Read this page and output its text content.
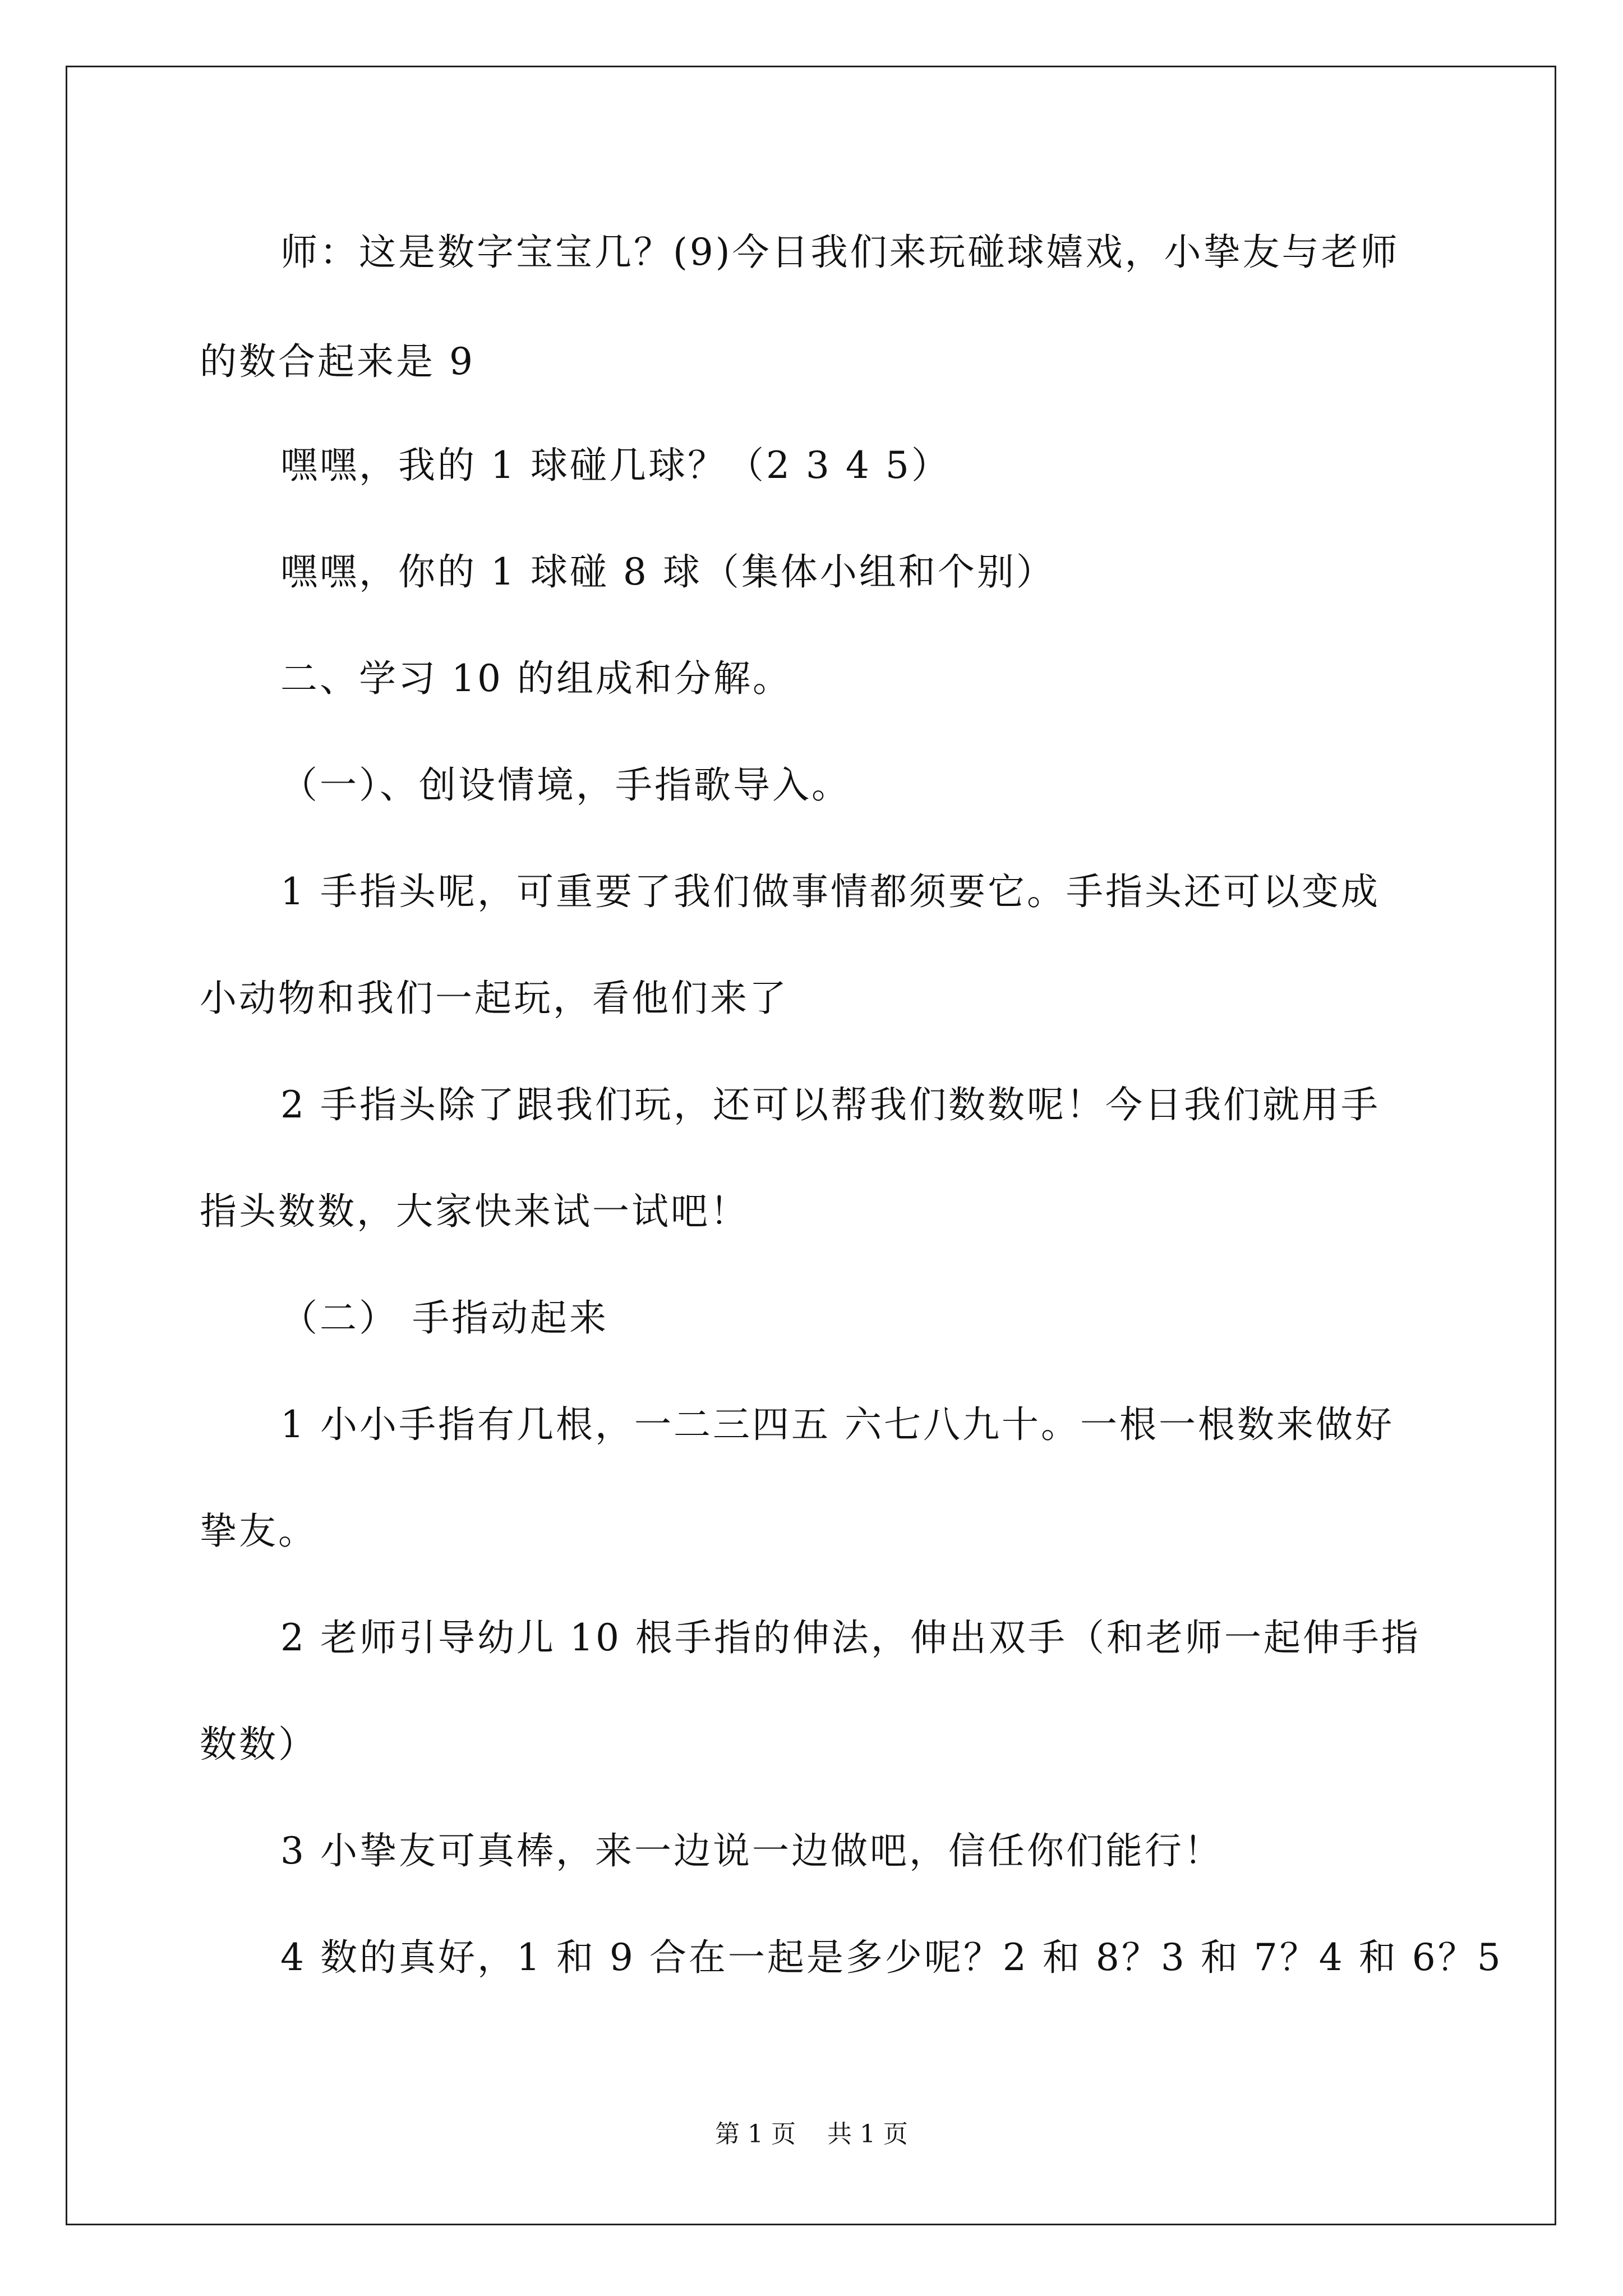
师：这是数字宝宝几？(9)今日我们来玩碰球嬉戏，小挚友与老师
的数合起来是 9
嘿嘿，我的 1 球碰几球？（2 3 4 5）
嘿嘿，你的 1 球碰 8 球（集体小组和个别）
二、学习 10 的组成和分解。
（一）、创设情境，手指歌导入。
1 手指头呢，可重要了我们做事情都须要它。手指头还可以变成
小动物和我们一起玩，看他们来了
2 手指头除了跟我们玩，还可以帮我们数数呢！今日我们就用手
指头数数，大家快来试一试吧！
（二） 手指动起来
1 小小手指有几根，一二三四五 六七八九十。一根一根数来做好
挚友。
2 老师引导幼儿 10 根手指的伸法，伸出双手（和老师一起伸手指
数数）
3 小挚友可真棒，来一边说一边做吧，信任你们能行！
4 数的真好，1 和 9 合在一起是多少呢？2 和 8？3 和 7？4 和 6？5
第 1 页    共 1 页
